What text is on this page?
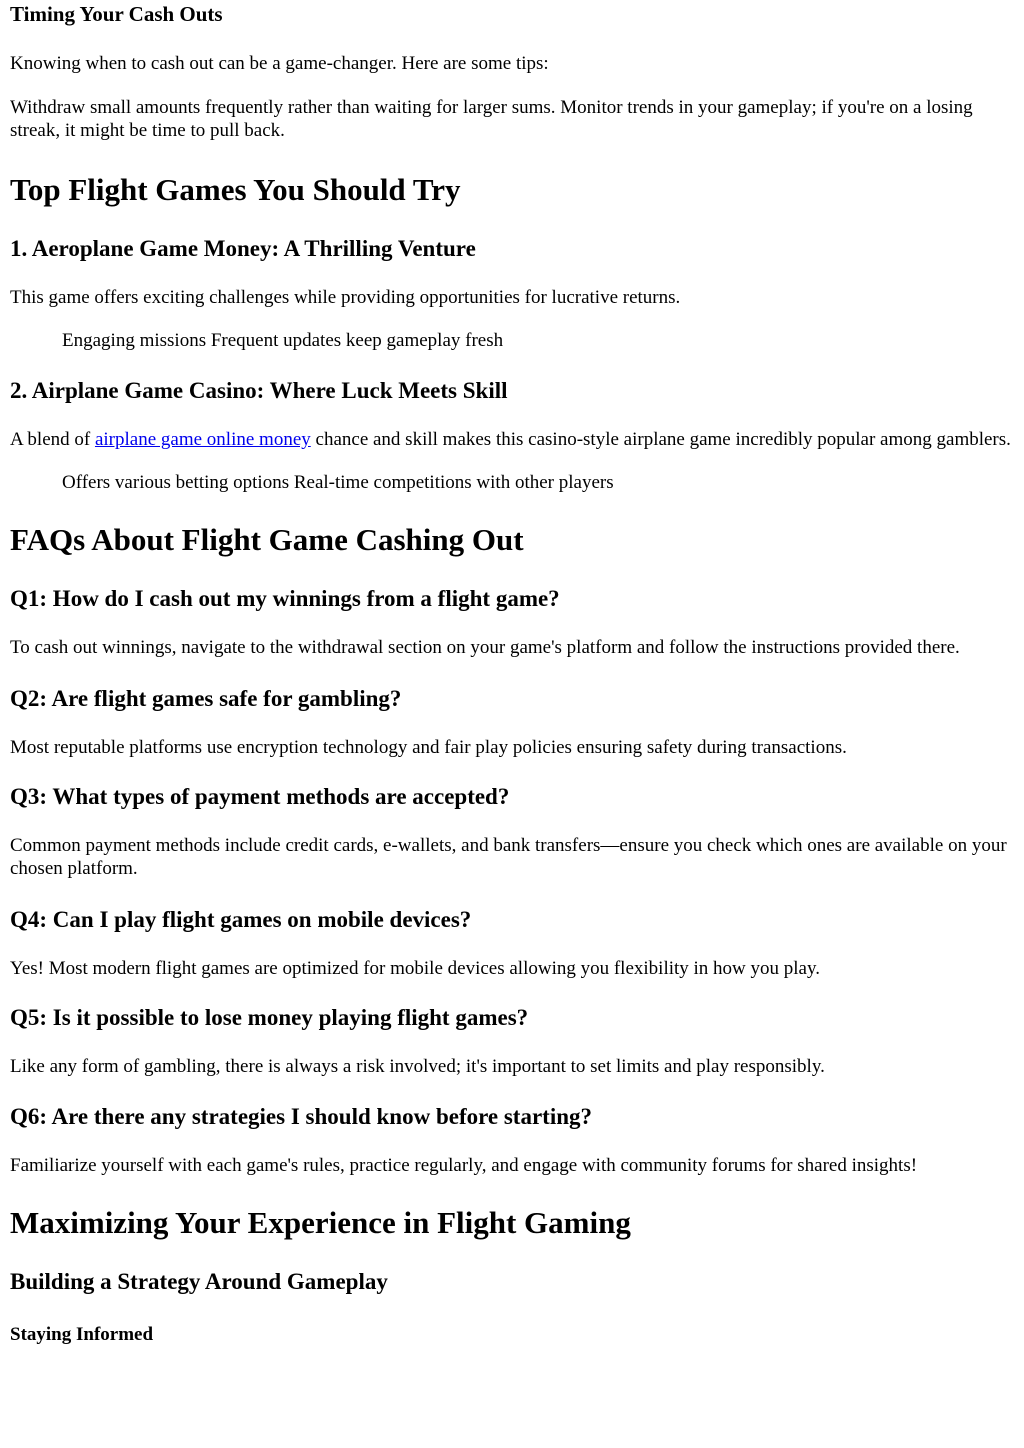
Timing Your Cash Outs

Knowing when to cash out can be a game-changer. Here are some tips:

Withdraw small amounts frequently rather than waiting for larger sums. Monitor trends in your gameplay; if you're on a losing streak, it might be time to pull back.

Top Flight Games You Should Try
1. Aeroplane Game Money: A Thrilling Venture

This game offers exciting challenges while providing opportunities for lucrative returns.

Engaging missions Frequent updates keep gameplay fresh

2. Airplane Game Casino: Where Luck Meets Skill

A blend of airplane game online money chance and skill makes this casino-style airplane game incredibly popular among gamblers.

Offers various betting options Real-time competitions with other players

FAQs About Flight Game Cashing Out
Q1: How do I cash out my winnings from a flight game?

To cash out winnings, navigate to the withdrawal section on your game's platform and follow the instructions provided there.

Q2: Are flight games safe for gambling?

Most reputable platforms use encryption technology and fair play policies ensuring safety during transactions.

Q3: What types of payment methods are accepted?

Common payment methods include credit cards, e-wallets, and bank transfers—ensure you check which ones are available on your chosen platform.

Q4: Can I play flight games on mobile devices?

Yes! Most modern flight games are optimized for mobile devices allowing you flexibility in how you play.

Q5: Is it possible to lose money playing flight games?

Like any form of gambling, there is always a risk involved; it's important to set limits and play responsibly.

Q6: Are there any strategies I should know before starting?

Familiarize yourself with each game's rules, practice regularly, and engage with community forums for shared insights!

Maximizing Your Experience in Flight Gaming
Building a Strategy Around Gameplay
Staying Informed
